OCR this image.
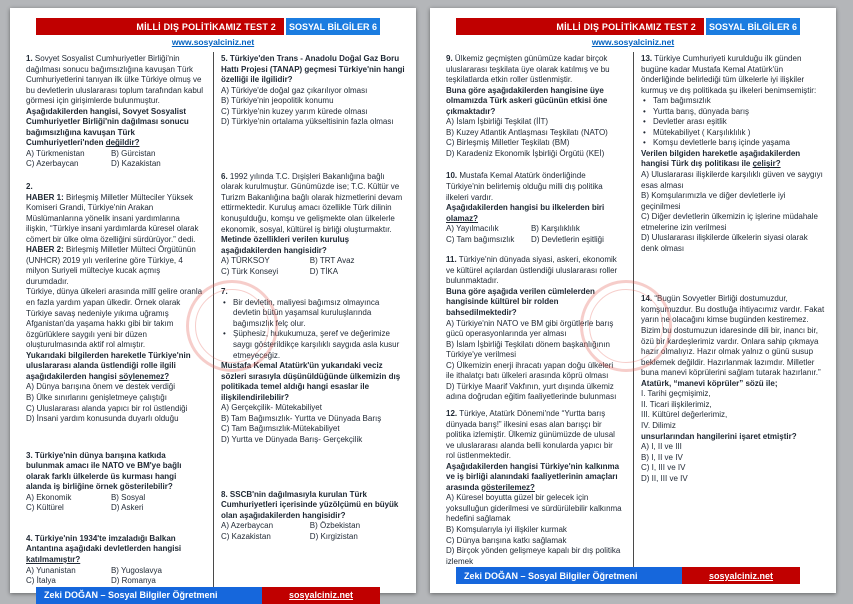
MİLLİ DIŞ POLİTİKAMIZ TEST 2	SOSYAL BİLGİLER 6
www.sosyalciniz.net

1. Sovyet Sosyalist Cumhuriyetler Birliği'nin dağılması sonucu bağımsızlığına kavuşan Türk Cumhuriyetlerini tanıyan ilk ülke Türkiye olmuş ve bu devletlerin uluslararası toplum tarafından kabul görmesi için girişimlerde bulunmuştur.

Aşağıdakilerden hangisi, Sovyet Sosyalist Cumhuriyetler Birliği'nin dağılması sonucu bağımsızlığına kavuşan Türk Cumhuriyetleri'nden değildir?

A) Türkmenistan	B) Gürcistan
C) Azerbaycan	D) Kazakistan

2.

HABER 1: Birleşmiş Milletler Mülteciler Yüksek Komiseri Grandi, Türkiye'nin Arakan Müslümanlarına yönelik insani yardımlarına ilişkin, “Türkiye insani yardımlarda küresel olarak cömert bir ülke olma özelliğini sürdürüyor.” dedi.

HABER 2: Birleşmiş Milletler Mülteci Örgütünün (UNHCR) 2019 yılı verilerine göre Türkiye, 4 milyon Suriyeli mülteciye kucak açmış durumdadır.

Türkiye, dünya ülkeleri arasında millî gelire oranla en fazla yardım yapan ülkedir. Örnek olarak Türkiye savaş nedeniyle yıkıma uğramış Afganistan'da yaşama hakkı gibi bir takım özgürlüklere saygılı yeni bir düzen oluşturulmasında aktif rol almıştır.

Yukarıdaki bilgilerden hareketle Türkiye'nin uluslararası alanda üstlendiği rolle ilgili aşağıdakilerden hangisi söylenemez?

A) Dünya barışına önem ve destek verdiği

B) Ülke sınırlarını genişletmeye çalıştığı

C) Uluslararası alanda yapıcı bir rol üstlendiği

D) İnsani yardım konusunda duyarlı olduğu

3. Türkiye'nin dünya barışına katkıda bulunmak amacı ile NATO ve BM'ye bağlı olarak farklı ülkelerde üs kurması hangi alanda iş birliğine örnek gösterilebilir?

A) Ekonomik	B) Sosyal
C) Kültürel	D) Askeri

4. Türkiye'nin 1934'te imzaladığı Balkan Antantına aşağıdaki devletlerden hangisi katılmamıştır?

A) Yunanistan	B) Yugoslavya
C) İtalya	D) Romanya

5. Türkiye'den Trans - Anadolu Doğal Gaz Boru Hattı Projesi (TANAP) geçmesi Türkiye'nin hangi özelliği ile ilgilidir?

A) Türkiye'de doğal gaz çıkarılıyor olması

B) Türkiye'nin jeopolitik konumu

C) Türkiye'nin kuzey yarım kürede olması

D) Türkiye'nin ortalama yükseltisinin fazla olması

6. 1992 yılında T.C. Dışişleri Bakanlığına bağlı olarak kurulmuştur. Günümüzde ise; T.C. Kültür ve Turizm Bakanlığına bağlı olarak hizmetlerini devam ettirmektedir. Kuruluş amacı özellikle Türk dilinin konuşulduğu, komşu ve gelişmekte olan ülkelerle ekonomik, sosyal, kültürel iş birliği oluşturmaktır.

Metinde özellikleri verilen kuruluş aşağıdakilerden hangisidir?

A) TÜRKSOY	B) TRT Avaz
C) Türk Konseyi	D) TİKA

7.

• Bir devletin, maliyesi bağımsız olmayınca devletin bütün yaşamsal kuruluşlarında bağımsızlık felç olur.
• Şüphesiz, hukukumuza, şeref ve değerimize saygı gösterildikçe karşılıklı saygıda asla kusur etmeyeceğiz.

Mustafa Kemal Atatürk'ün yukarıdaki veciz sözleri sırasıyla düşünüldüğünde ülkemizin dış politikada temel aldığı hangi esaslar ile ilişkilendirilebilir?

A) Gerçekçilik- Mütekabiliyet

B) Tam Bağımsızlık- Yurtta ve Dünyada Barış

C) Tam Bağımsızlık-Mütekabiliyet

D) Yurtta ve Dünyada Barış- Gerçekçilik

8. SSCB'nin dağılmasıyla kurulan Türk Cumhuriyetleri içerisinde yüzölçümü en büyük olan aşağıdakilerden hangisidir?

A) Azerbaycan	B) Özbekistan
C) Kazakistan	D) Kırgizistan
Zeki DOĞAN – Sosyal Bilgiler Öğretmeni	sosyalciniz.net
MİLLİ DIŞ POLİTİKAMIZ TEST 2	SOSYAL BİLGİLER 6
www.sosyalciniz.net

9. Ülkemiz geçmişten günümüze kadar birçok uluslararası teşkilata üye olarak katılmış ve bu teşkilatlarda etkin roller üstlenmiştir.

Buna göre aşağıdakilerden hangisine üye olmamızda Türk askeri gücünün etkisi öne çıkmaktadır?

A) İslam İşbirliği Teşkilat (İİT)

B) Kuzey Atlantik Antlaşması Teşkilatı (NATO)

C) Birleşmiş Milletler Teşkilatı (BM)

D) Karadeniz Ekonomik İşbirliği Örgütü (KEİ)

10. Mustafa Kemal Atatürk önderliğinde Türkiye'nin belirlemiş olduğu milli dış politika ilkeleri vardır.

Aşağıdakilerden hangisi bu ilkelerden biri olamaz?

A) Yayılmacılık	B) Karşılıklılık
C) Tam bağımsızlık	D) Devletlerin eşitliği

11. Türkiye'nin dünyada siyasi, askeri, ekonomik ve kültürel açılardan üstlendiği uluslararası roller bulunmaktadır.

Buna göre aşağıda verilen cümlelerden hangisinde kültürel bir rolden bahsedilmektedir?

A) Türkiye'nin NATO ve BM gibi örgütlerle barış gücü operasyonlarında yer alması

B) İslam İşbirliği Teşkilatı dönem başkanlığının Türkiye'ye verilmesi

C) Ülkemizin enerji ihracatı yapan doğu ülkeleri ile ithalatçı batı ülkeleri arasında köprü olması

D) Türkiye Maarif Vakfının, yurt dışında ülkemiz adına doğrudan eğitim faaliyetlerinde bulunması

12. Türkiye, Atatürk Dönemi'nde “Yurtta barış dünyada barış!” ilkesini esas alan barışçı bir politika izlemiştir. Ülkemiz günümüzde de ulusal ve uluslararası alanda belli konularda yapıcı bir rol üstlenmektedir.

Aşağıdakilerden hangisi Türkiye'nin kalkınma ve iş birliği alanındaki faaliyetlerinin amaçları arasında gösterilemez?

A) Küresel boyutta güzel bir gelecek için yoksulluğun giderilmesi ve sürdürülebilir kalkınma hedefini sağlamak

B) Komşularıyla iyi ilişkiler kurmak

C) Dünya barışına katkı sağlamak

D) Birçok yönden gelişmeye kapalı bir dış politika izlemek

13. Türkiye Cumhuriyeti kurulduğu ilk günden bugüne kadar Mustafa Kemal Atatürk'ün önderliğinde belirlediği tüm ülkelerle iyi ilişkiler kurmuş ve dış politikada şu ilkeleri benimsemiştir:

• Tam bağımsızlık
• Yurtta barış, dünyada barış
• Devletler arası eşitlik
• Mütekabiliyet ( Karşılıklılık )
• Komşu devletlerle barış içinde yaşama

Verilen bilgiden hareketle aşağıdakilerden hangisi Türk dış politikası ile çelişir?

A) Uluslararası ilişkilerde karşılıklı güven ve saygıyı esas alması

B) Komşularımızla ve diğer devletlerle iyi geçinilmesi

C) Diğer devletlerin ülkemizin iç işlerine müdahale etmelerine izin verilmesi

D) Uluslararası ilişkilerde ülkelerin siyasi olarak denk olması

14. “Bugün Sovyetler Birliği dostumuzdur, komşumuzdur. Bu dostluğa ihtiyacımız vardır. Fakat yarın ne olacağını kimse bugünden kestiremez. Bizim bu dostumuzun idaresinde dili bir, inancı bir, özü bir kardeşlerimiz vardır. Onlara sahip çıkmaya hazır olmalıyız. Hazır olmak yalnız o günü susup beklemek değildir. Hazırlanmak lazımdır. Milletler buna manevi köprülerini sağlam tutarak hazırlanır.”

Atatürk, “manevi köprüler” sözü ile;

I. Tarihi geçmişimiz,

II. Ticari ilişkilerimiz,

III. Kültürel değerlerimiz,

IV. Dilimiz

unsurlarından hangilerini işaret etmiştir?

A) I, II ve III

B) I, II ve IV

C) I, III ve IV

D) II, III ve IV

Zeki DOĞAN – Sosyal Bilgiler Öğretmeni	sosyalciniz.net
